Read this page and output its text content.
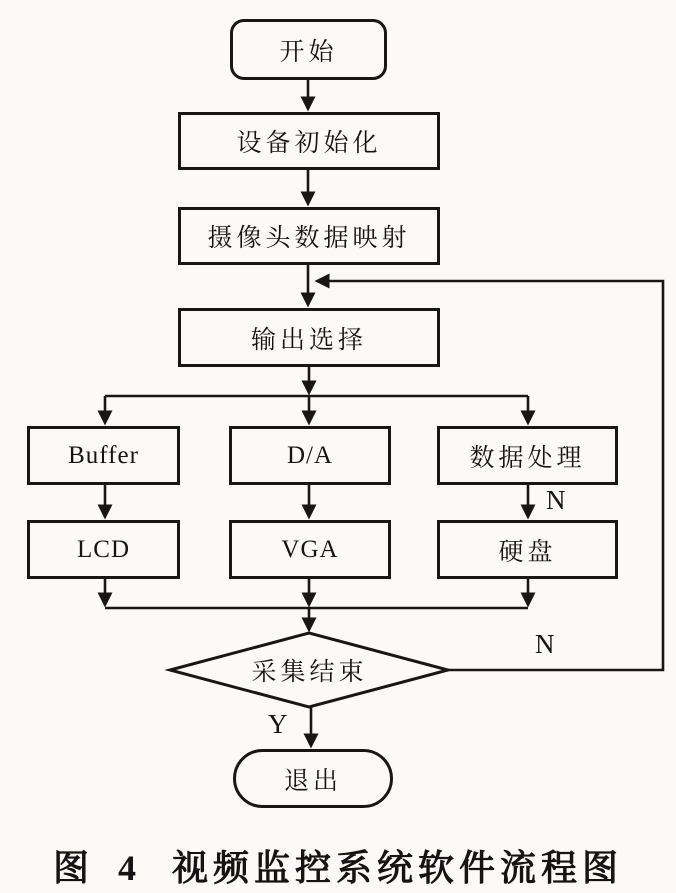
开始
设备初始化
摄像头数据映射
输出选择
Buffer	D/A	数据处理
LCD	VGA	硬盘
采集结束
退出
N
N
Y
图 4 视频监控系统软件流程图
